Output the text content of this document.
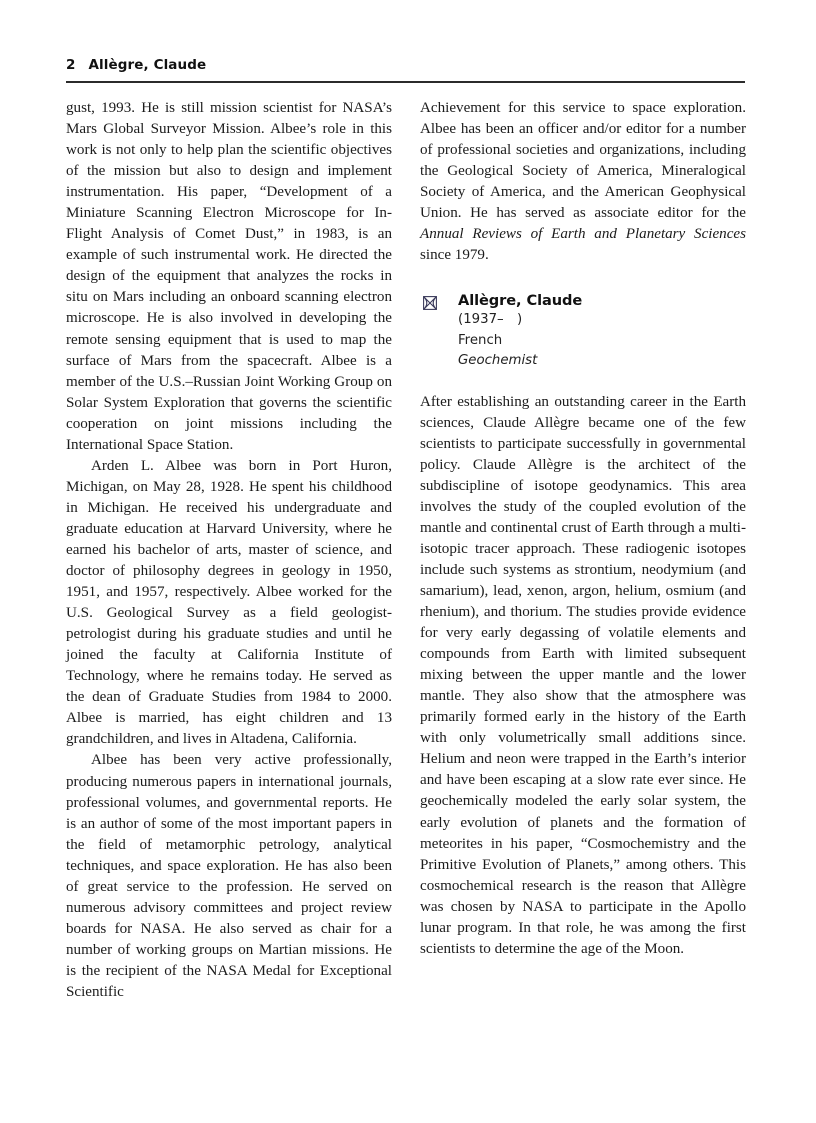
2 Allègre, Claude

gust, 1993. He is still mission scientist for NASA’s Mars Global Surveyor Mission. Albee’s role in this work is not only to help plan the scientific objectives of the mission but also to design and implement instrumentation. His paper, “Development of a Miniature Scanning Electron Microscope for In-Flight Analysis of Comet Dust,” in 1983, is an example of such instrumental work. He directed the design of the equipment that analyzes the rocks in situ on Mars including an onboard scanning electron microscope. He is also involved in developing the remote sensing equipment that is used to map the surface of Mars from the spacecraft. Albee is a member of the U.S.–Russian Joint Working Group on Solar System Exploration that governs the scientific cooperation on joint missions including the International Space Station.

Arden L. Albee was born in Port Huron, Michigan, on May 28, 1928. He spent his childhood in Michigan. He received his undergraduate and graduate education at Harvard University, where he earned his bachelor of arts, master of science, and doctor of philosophy degrees in geology in 1950, 1951, and 1957, respectively. Albee worked for the U.S. Geological Survey as a field geologist-petrologist during his graduate studies and until he joined the faculty at California Institute of Technology, where he remains today. He served as the dean of Graduate Studies from 1984 to 2000. Albee is married, has eight children and 13 grandchildren, and lives in Altadena, California.

Albee has been very active professionally, producing numerous papers in international journals, professional volumes, and governmental reports. He is an author of some of the most important papers in the field of metamorphic petrology, analytical techniques, and space exploration. He has also been of great service to the profession. He served on numerous advisory committees and project review boards for NASA. He also served as chair for a number of working groups on Martian missions. He is the recipient of the NASA Medal for Exceptional Scientific

Achievement for this service to space exploration. Albee has been an officer and/or editor for a number of professional societies and organizations, including the Geological Society of America, Mineralogical Society of America, and the American Geophysical Union. He has served as associate editor for the Annual Reviews of Earth and Planetary Sciences since 1979.

Allègre, Claude
(1937– )
French
Geochemist

After establishing an outstanding career in the Earth sciences, Claude Allègre became one of the few scientists to participate successfully in governmental policy. Claude Allègre is the architect of the subdiscipline of isotope geodynamics. This area involves the study of the coupled evolution of the mantle and continental crust of Earth through a multi-isotopic tracer approach. These radiogenic isotopes include such systems as strontium, neodymium (and samarium), lead, xenon, argon, helium, osmium (and rhenium), and thorium. The studies provide evidence for very early degassing of volatile elements and compounds from Earth with limited subsequent mixing between the upper mantle and the lower mantle. They also show that the atmosphere was primarily formed early in the history of the Earth with only volumetrically small additions since. Helium and neon were trapped in the Earth’s interior and have been escaping at a slow rate ever since. He geochemically modeled the early solar system, the early evolution of planets and the formation of meteorites in his paper, “Cosmochemistry and the Primitive Evolution of Planets,” among others. This cosmochemical research is the reason that Allègre was chosen by NASA to participate in the Apollo lunar program. In that role, he was among the first scientists to determine the age of the Moon.
